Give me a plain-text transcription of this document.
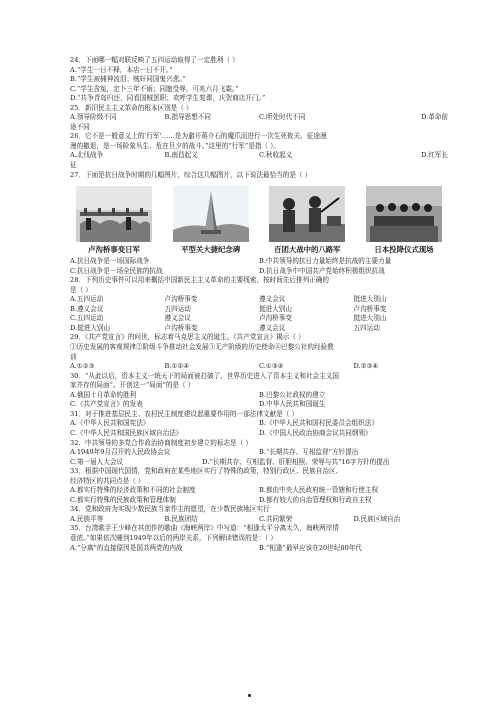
24．下面哪一幅对联反映了五四运动取得了一定胜利（ ）
A.“学生一日不释，本店一日不开。”
B.“学生被捕神流泪；贼奸同国鬼兴悲。”
C.“学生含冤，定卜三年不雨；同胞受辱，可兆六月飞霜。”
D.“共争青岛归还，同看国贼罢职；欢呼学生复课，庆贺商店开门。”
25．新旧民主主义革命的根本区别是（ ）
A.领导阶级不同	B.指导思想不同	C.所处时代不同	D.革命前
途不同
26．它不是一般意义上的‘行军’……是为避开蒋介石的魔爪而进行一次生死攸关、征途漫
漫的撤退，是一场险象丛生、危在旦夕的战斗。”这里的“行军”是指（ ）。
A.北伐战争	B.南昌起义	C.秋收起义	D.红军长
征
27．下面是抗日战争时期的几幅图片，综合这几幅图片，以下说法最恰当的是（ ）
卢沟桥事变日军	平型关大捷纪念碑	百团大战中的八路军	日本投降仪式现场
A.抗日战争是一场国际战争	B.中共领导的抗日力量始终是抗战的主要力量
C.抗日战争是一场全民族的抗战	D.抗日战争中中国共产党始终积极组织抗战
28．下列历史事件可以用来概括中国新民主主义革命的主要线索，按时间先后排列正确的
是（ ）
A.五四运动	卢沟桥事变	遵义会议	挺进大别山
B.遵义会议	五四运动	挺进大别山	卢沟桥事变
C.五四运动	遵义会议	卢沟桥事变	挺进大别山
D.挺进大别山	卢沟桥事变	遵义会议	五四运动
29．《共产党宣言》的问世，标志着马克思主义的诞生。《共产党宣言》揭示（ ）
①历史发展的客观规律②阶级斗争推动社会发展③无产阶级的历史使命④巴黎公社的经验教
训
A.①②③	B.①②④	C.①③④	D.②③④
30．“从此以后，资本主义一统天下的局面被打破了，世界历史进入了资本主义和社会主义国
家并存的局面”。开创这一“局面”的是（ ）
A.俄国十月革命的胜利	B.巴黎公社政权的建立
C.《共产党宣言》的发表	D.中华人民共和国诞生
31．对于推进基层民主、农村民主制度建设起重要作用的一部法律文献是（ ）
A.《中华人民共和国宪法》	B.《中华人民共和国村民委员会组织法》
C.《中华人民共和国民族区域自治法》	D.《中国人民政治协商会议共同纲领》
32．中共领导的多党合作政治协商制度初步建立的标志是（ ）
A.1949年9月召开的人民政协会议	B.“长期共存、互相监督”方针提出
C.第一届人大会议	D.“长期共存、互相监督、肝胆相照、荣辱与共”16字方针的提出
33．根据中国现代国情，党和政府在某些地区实行了特殊的政策，特别行政区、民族自治区、
经济特区的共同点是（ ）
A.都实行特殊的经济政策和不同的社会制度	B.都由中央人民政府统一管辖和行使主权
C.都实行特殊的民族政策和管理体制	D.都有较大的自治管理权和行政自主权
34．党和政府为实现少数民族当家作主的愿望，在少数民族地区实行
A.民族平等	B.民族团结	C.共同繁荣	D.民族区域自治
35．台湾歌手王少峰在其创作的歌曲《海峡两岸》中写道：“相逢太平分离太久，海峡两岸情
意浓。”如果依次睡到1949年以后的两岸关系，下列解读错误的是：（ ）
A.“分离”的直接原因是国共两党的内战	B.“相逢”最早应该在20世纪80年代
